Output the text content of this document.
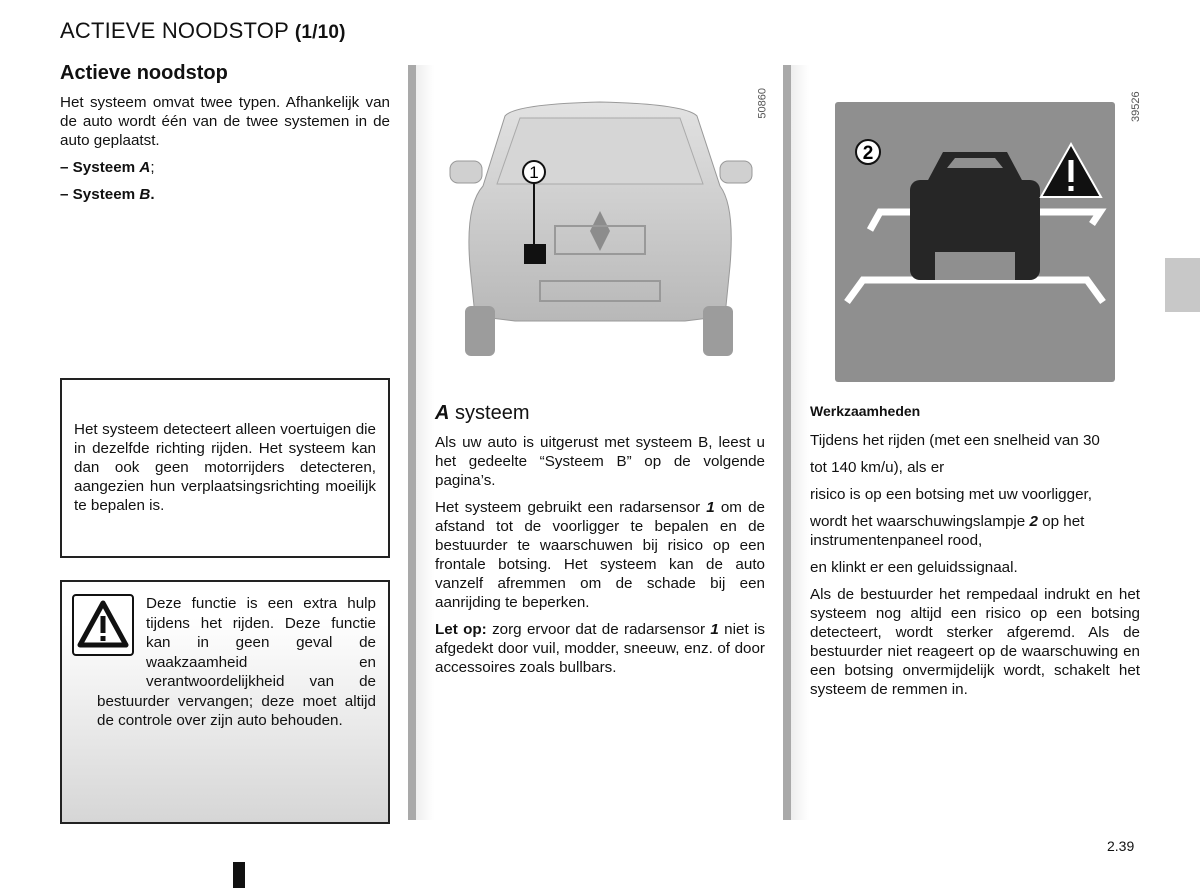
ACTIEVE NOODSTOP (1/10)
Actieve noodstop

Het systeem omvat twee typen. Afhankelijk van de auto wordt één van de twee systemen in de auto geplaatst.

– Systeem A;

– Systeem B.

Het systeem detecteert alleen voertuigen die in dezelfde richting rijden. Het systeem kan dan ook geen motorrijders detecteren, aangezien hun verplaatsingsrichting moeilijk te bepalen is.

Deze functie is een extra hulp tijdens het rijden. Deze functie kan in geen geval de waakzaamheid en verantwoordelijkheid van de bestuurder vervangen; deze moet altijd de controle over zijn auto behouden.
1
50860
A systeem

Als uw auto is uitgerust met systeem B, leest u het gedeelte “Systeem B” op de volgende pagina’s.

Het systeem gebruikt een radarsensor 1 om de afstand tot de voorligger te bepalen en de bestuurder te waarschuwen bij risico op een frontale botsing. Het systeem kan de auto vanzelf afremmen om de schade bij een aanrijding te beperken.

Let op: zorg ervoor dat de radarsensor 1 niet is afgedekt door vuil, modder, sneeuw, enz. of door accessoires zoals bullbars.

2
39526

Werkzaamheden

Tijdens het rijden (met een snelheid van 30

tot 140 km/u), als er

risico is op een botsing met uw voorligger,

wordt het waarschuwingslampje 2 op het instrumentenpaneel rood,

en klinkt er een geluidssignaal.

Als de bestuurder het rempedaal indrukt en het systeem nog altijd een risico op een botsing detecteert, wordt sterker afgeremd. Als de bestuurder niet reageert op de waarschuwing en een botsing onvermijdelijk wordt, schakelt het systeem de remmen in.

2.39
